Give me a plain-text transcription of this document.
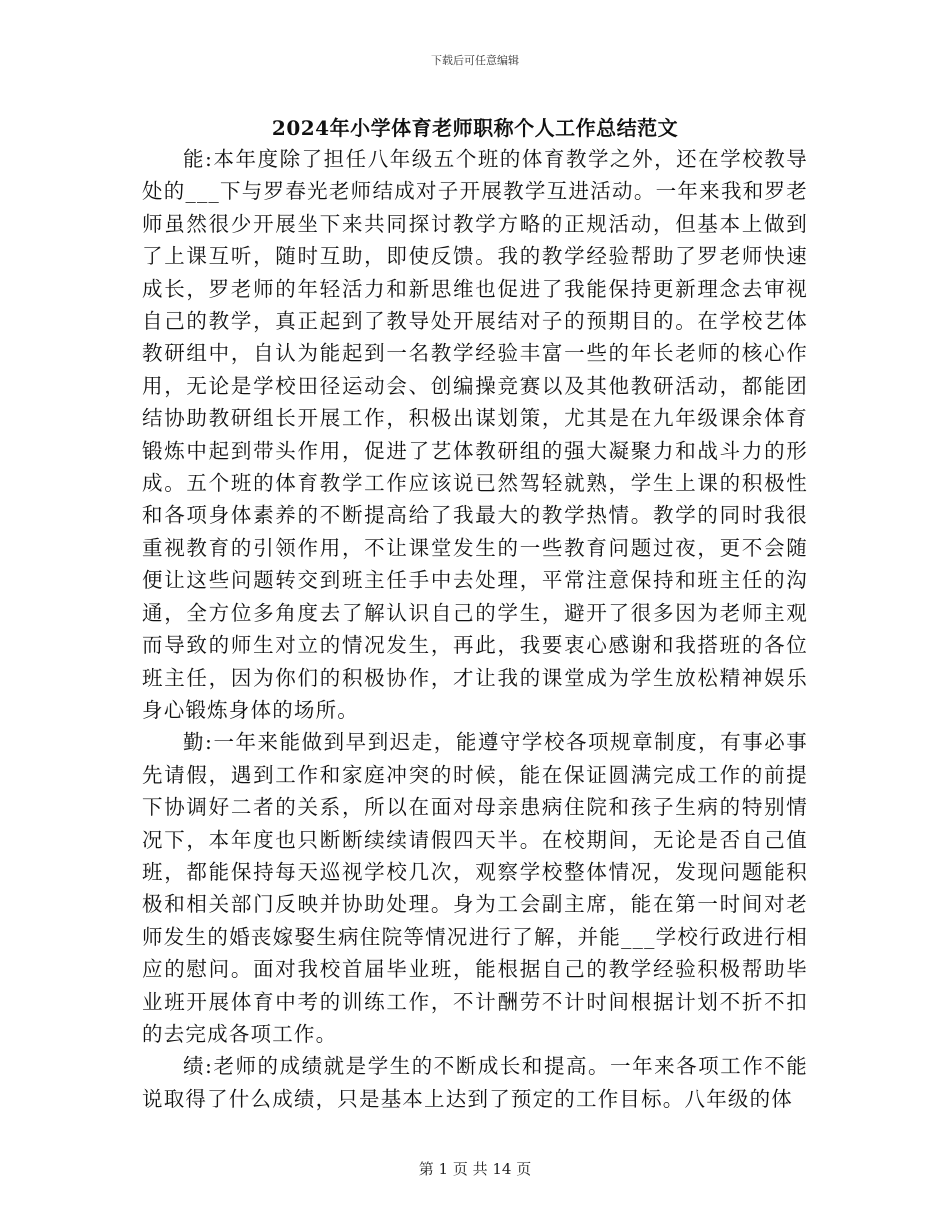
下载后可任意编辑
2024年小学体育老师职称个人工作总结范文

能:本年度除了担任八年级五个班的体育教学之外，还在学校教导处的___下与罗春光老师结成对子开展教学互进活动。一年来我和罗老师虽然很少开展坐下来共同探讨教学方略的正规活动，但基本上做到了上课互听，随时互助，即使反馈。我的教学经验帮助了罗老师快速成长，罗老师的年轻活力和新思维也促进了我能保持更新理念去审视自己的教学，真正起到了教导处开展结对子的预期目的。在学校艺体教研组中，自认为能起到一名教学经验丰富一些的年长老师的核心作用，无论是学校田径运动会、创编操竞赛以及其他教研活动，都能团结协助教研组长开展工作，积极出谋划策，尤其是在九年级课余体育锻炼中起到带头作用，促进了艺体教研组的强大凝聚力和战斗力的形成。五个班的体育教学工作应该说已然驾轻就熟，学生上课的积极性和各项身体素养的不断提高给了我最大的教学热情。教学的同时我很重视教育的引领作用，不让课堂发生的一些教育问题过夜，更不会随便让这些问题转交到班主任手中去处理，平常注意保持和班主任的沟通，全方位多角度去了解认识自己的学生，避开了很多因为老师主观而导致的师生对立的情况发生，再此，我要衷心感谢和我搭班的各位班主任，因为你们的积极协作，才让我的课堂成为学生放松精神娱乐身心锻炼身体的场所。

勤:一年来能做到早到迟走，能遵守学校各项规章制度，有事必事先请假，遇到工作和家庭冲突的时候，能在保证圆满完成工作的前提下协调好二者的关系，所以在面对母亲患病住院和孩子生病的特别情况下，本年度也只断断续续请假四天半。在校期间，无论是否自己值班，都能保持每天巡视学校几次，观察学校整体情况，发现问题能积极和相关部门反映并协助处理。身为工会副主席，能在第一时间对老师发生的婚丧嫁娶生病住院等情况进行了解，并能___学校行政进行相应的慰问。面对我校首届毕业班，能根据自己的教学经验积极帮助毕业班开展体育中考的训练工作，不计酬劳不计时间根据计划不折不扣的去完成各项工作。

绩:老师的成绩就是学生的不断成长和提高。一年来各项工作不能说取得了什么成绩，只是基本上达到了预定的工作目标。八年级的体

第 1 页 共 14 页
